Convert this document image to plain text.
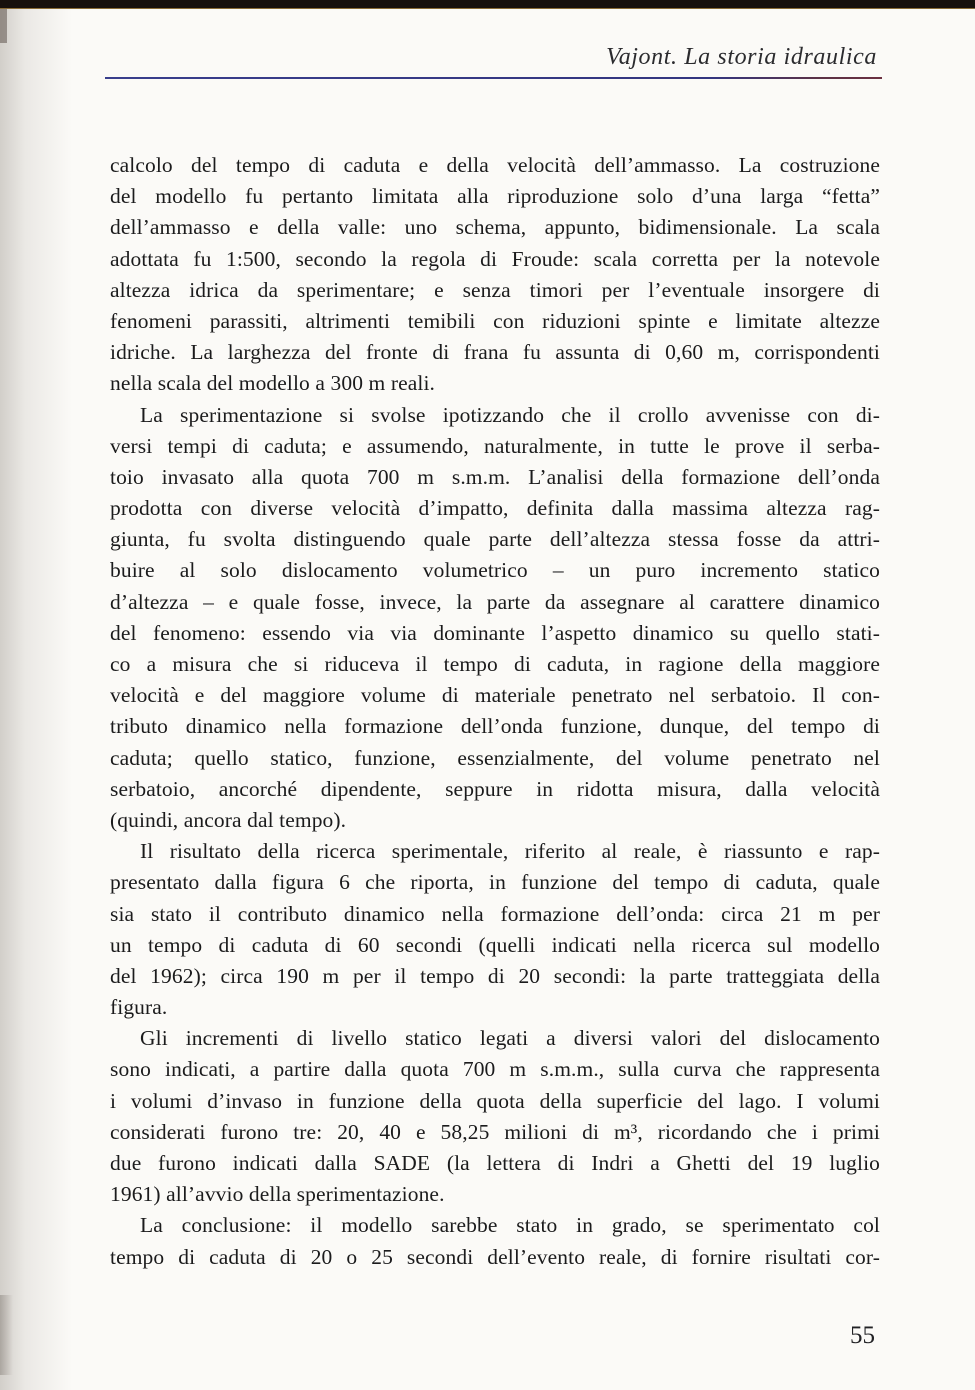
Vajont. La storia idraulica
calcolo del tempo di caduta e della velocità dell’ammasso. La costruzione
del modello fu pertanto limitata alla riproduzione solo d’una larga “fetta”
dell’ammasso e della valle: uno schema, appunto, bidimensionale. La scala
adottata fu 1:500, secondo la regola di Froude: scala corretta per la notevole
altezza idrica da sperimentare; e senza timori per l’eventuale insorgere di
fenomeni parassiti, altrimenti temibili con riduzioni spinte e limitate altezze
idriche. La larghezza del fronte di frana fu assunta di 0,60 m, corrispondenti
nella scala del modello a 300 m reali.
La sperimentazione si svolse ipotizzando che il crollo avvenisse con di-
versi tempi di caduta; e assumendo, naturalmente, in tutte le prove il serba-
toio invasato alla quota 700 m s.m.m. L’analisi della formazione dell’onda
prodotta con diverse velocità d’impatto, definita dalla massima altezza rag-
giunta, fu svolta distinguendo quale parte dell’altezza stessa fosse da attri-
buire al solo dislocamento volumetrico – un puro incremento statico
d’altezza – e quale fosse, invece, la parte da assegnare al carattere dinamico
del fenomeno: essendo via via dominante l’aspetto dinamico su quello stati-
co a misura che si riduceva il tempo di caduta, in ragione della maggiore
velocità e del maggiore volume di materiale penetrato nel serbatoio. Il con-
tributo dinamico nella formazione dell’onda funzione, dunque, del tempo di
caduta; quello statico, funzione, essenzialmente, del volume penetrato nel
serbatoio, ancorché dipendente, seppure in ridotta misura, dalla velocità
(quindi, ancora dal tempo).
Il risultato della ricerca sperimentale, riferito al reale, è riassunto e rap-
presentato dalla figura 6 che riporta, in funzione del tempo di caduta, quale
sia stato il contributo dinamico nella formazione dell’onda: circa 21 m per
un tempo di caduta di 60 secondi (quelli indicati nella ricerca sul modello
del 1962); circa 190 m per il tempo di 20 secondi: la parte tratteggiata della
figura.
Gli incrementi di livello statico legati a diversi valori del dislocamento
sono indicati, a partire dalla quota 700 m s.m.m., sulla curva che rappresenta
i volumi d’invaso in funzione della quota della superficie del lago. I volumi
considerati furono tre: 20, 40 e 58,25 milioni di m³, ricordando che i primi
due furono indicati dalla SADE (la lettera di Indri a Ghetti del 19 luglio
1961) all’avvio della sperimentazione.
La conclusione: il modello sarebbe stato in grado, se sperimentato col
tempo di caduta di 20 o 25 secondi dell’evento reale, di fornire risultati cor-
55
